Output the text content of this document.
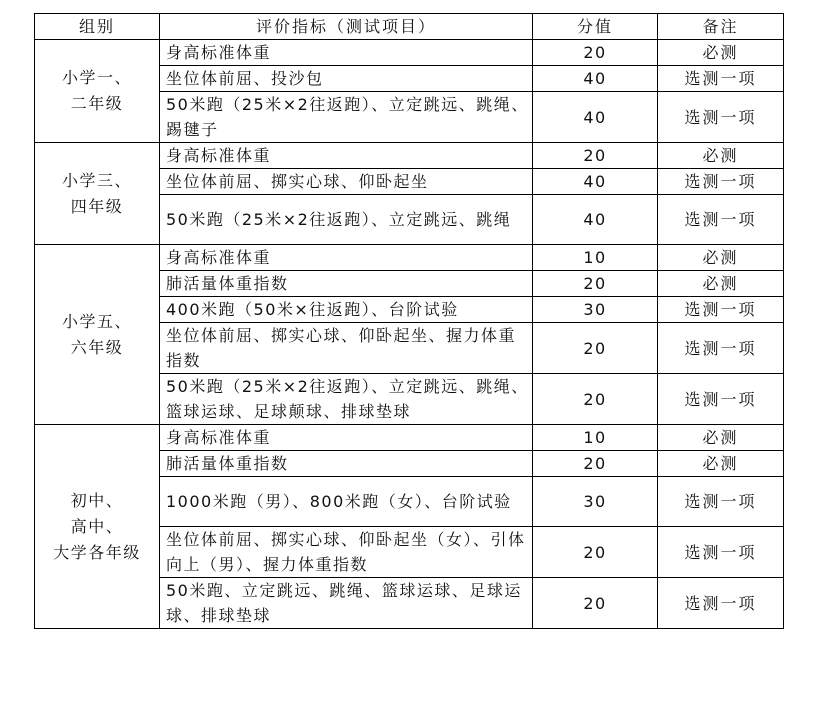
组别	评价指标（测试项目）	分值	备注

小学一、
二年级	身高标准体重	20	必测
	坐位体前屈、投沙包	40	选测一项
	50米跑（25米×2往返跑）、立定跳远、跳绳、踢毽子	40	选测一项

小学三、
四年级	身高标准体重	20	必测
	坐位体前屈、掷实心球、仰卧起坐	40	选测一项
	50米跑（25米×2往返跑）、立定跳远、跳绳	40	选测一项

小学五、
六年级	身高标准体重	10	必测
	肺活量体重指数	20	必测
	400米跑（50米×往返跑）、台阶试验	30	选测一项
	坐位体前屈、掷实心球、仰卧起坐、握力体重指数	20	选测一项
	50米跑（25米×2往返跑）、立定跳远、跳绳、篮球运球、足球颠球、排球垫球	20	选测一项

初中、
高中、
大学各年级	身高标准体重	10	必测
	肺活量体重指数	20	必测
	1000米跑（男）、800米跑（女）、台阶试验	30	选测一项
	坐位体前屈、掷实心球、仰卧起坐（女）、引体向上（男）、握力体重指数	20	选测一项
	50米跑、立定跳远、跳绳、篮球运球、足球运球、排球垫球	20	选测一项
